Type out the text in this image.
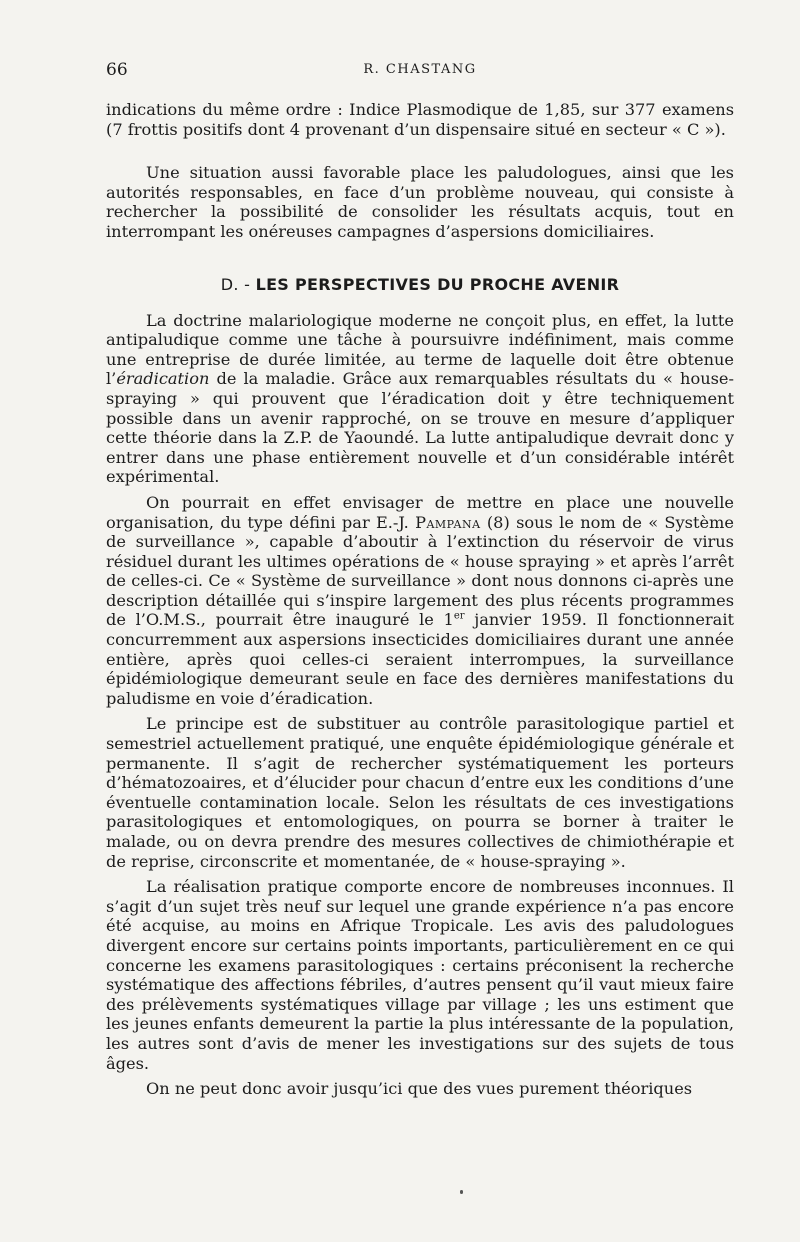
66	R. CHASTANG

indications du même ordre : Indice Plasmodique de 1,85, sur 377 examens (7 frottis positifs dont 4 provenant d’un dispensaire situé en secteur « C »).

Une situation aussi favorable place les paludologues, ainsi que les autorités responsables, en face d’un problème nouveau, qui consiste à rechercher la possibilité de consolider les résultats acquis, tout en interrompant les onéreuses campagnes d’aspersions domiciliaires.

D. - LES PERSPECTIVES DU PROCHE AVENIR

La doctrine malariologique moderne ne conçoit plus, en effet, la lutte antipaludique comme une tâche à poursuivre indéfiniment, mais comme une entreprise de durée limitée, au terme de laquelle doit être obtenue l’éradication de la maladie. Grâce aux remarquables résultats du « house-spraying » qui prouvent que l’éradication doit y être techniquement possible dans un avenir rapproché, on se trouve en mesure d’appliquer cette théorie dans la Z.P. de Yaoundé. La lutte antipaludique devrait donc y entrer dans une phase entièrement nouvelle et d’un considérable intérêt expérimental.

On pourrait en effet envisager de mettre en place une nouvelle organisation, du type défini par E.-J. Pampana (8) sous le nom de « Système de surveillance », capable d’aboutir à l’extinction du réservoir de virus résiduel durant les ultimes opérations de « house spraying » et après l’arrêt de celles-ci. Ce « Système de surveillance » dont nous donnons ci-après une description détaillée qui s’inspire largement des plus récents programmes de l’O.M.S., pourrait être inauguré le 1er janvier 1959. Il fonctionnerait concurremment aux aspersions insecticides domiciliaires durant une année entière, après quoi celles-ci seraient interrompues, la surveillance épidémiologique demeurant seule en face des dernières manifestations du paludisme en voie d’éradication.

Le principe est de substituer au contrôle parasitologique partiel et semestriel actuellement pratiqué, une enquête épidémiologique générale et permanente. Il s’agit de rechercher systématiquement les porteurs d’hématozoaires, et d’élucider pour chacun d’entre eux les conditions d’une éventuelle contamination locale. Selon les résultats de ces investigations parasitologiques et entomologiques, on pourra se borner à traiter le malade, ou on devra prendre des mesures collectives de chimiothérapie et de reprise, circonscrite et momentanée, de « house-spraying ».

La réalisation pratique comporte encore de nombreuses inconnues. Il s’agit d’un sujet très neuf sur lequel une grande expérience n’a pas encore été acquise, au moins en Afrique Tropicale. Les avis des paludologues divergent encore sur certains points importants, particulièrement en ce qui concerne les examens parasitologiques : certains préconisent la recherche systématique des affections fébriles, d’autres pensent qu’il vaut mieux faire des prélèvements systématiques village par village ; les uns estiment que les jeunes enfants demeurent la partie la plus intéressante de la population, les autres sont d’avis de mener les investigations sur des sujets de tous âges.

On ne peut donc avoir jusqu’ici que des vues purement théoriques
